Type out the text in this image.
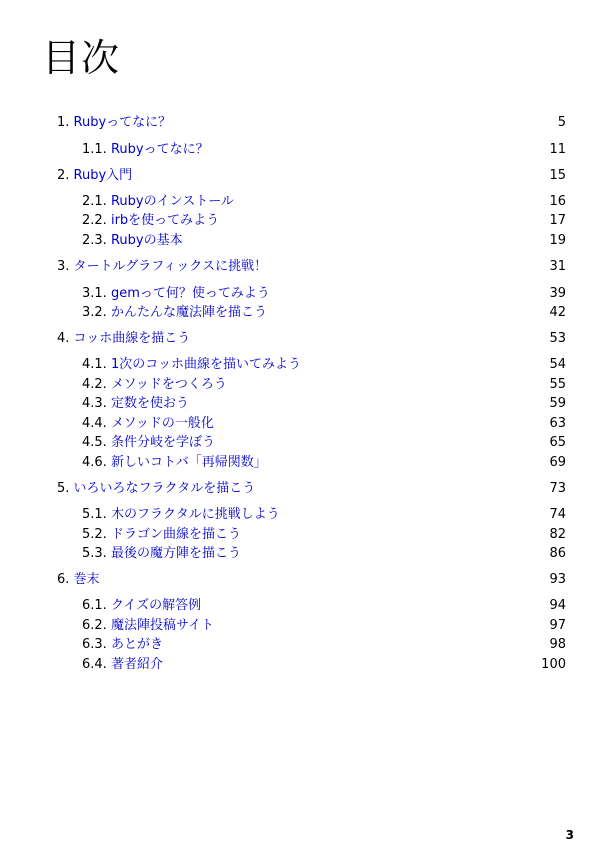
目次
1. Rubyってなに？	5
1.1. Rubyってなに？	11
2. Ruby入門	15
2.1. Rubyのインストール	16
2.2. irbを使ってみよう	17
2.3. Rubyの基本	19
3. タートルグラフィックスに挑戦！	31
3.1. gemって何？使ってみよう	39
3.2. かんたんな魔法陣を描こう	42
4. コッホ曲線を描こう	53
4.1. 1次のコッホ曲線を描いてみよう	54
4.2. メソッドをつくろう	55
4.3. 定数を使おう	59
4.4. メソッドの一般化	63
4.5. 条件分岐を学ぼう	65
4.6. 新しいコトバ「再帰関数」	69
5. いろいろなフラクタルを描こう	73
5.1. 木のフラクタルに挑戦しよう	74
5.2. ドラゴン曲線を描こう	82
5.3. 最後の魔方陣を描こう	86
6. 巻末	93
6.1. クイズの解答例	94
6.2. 魔法陣投稿サイト	97
6.3. あとがき	98
6.4. 著者紹介	100
3
